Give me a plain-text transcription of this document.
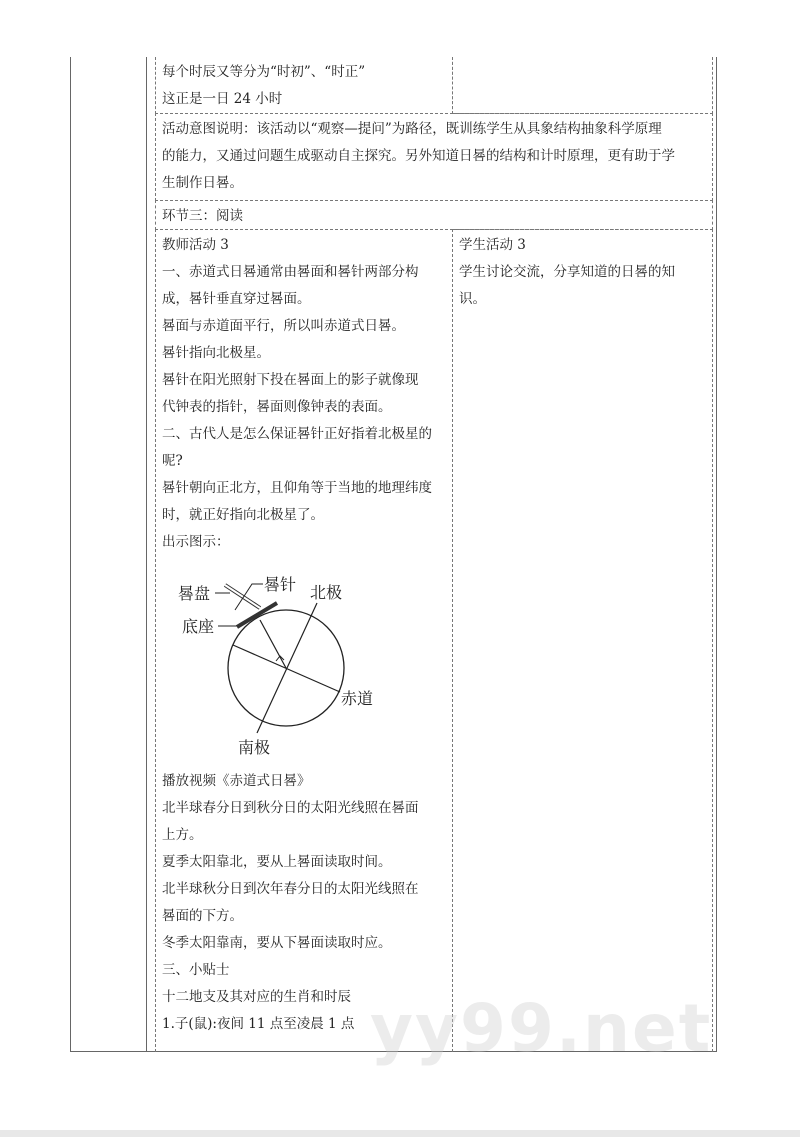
每个时辰又等分为“时初”、“时正”
这正是一日 24 小时
活动意图说明：该活动以“观察—提问”为路径，既训练学生从具象结构抽象科学原理
的能力，又通过问题生成驱动自主探究。另外知道日晷的结构和计时原理，更有助于学
生制作日晷。
环节三：阅读
教师活动 3
一、赤道式日晷通常由晷面和晷针两部分构
成，晷针垂直穿过晷面。
晷面与赤道面平行，所以叫赤道式日晷。
晷针指向北极星。
晷针在阳光照射下投在晷面上的影子就像现
代钟表的指针，晷面则像钟表的表面。
二、古代人是怎么保证晷针正好指着北极星的
呢?
晷针朝向正北方，且仰角等于当地的地理纬度
时，就正好指向北极星了。
出示图示：
晷盘	晷针
底座
北极
赤道
南极
播放视频《赤道式日晷》
北半球春分日到秋分日的太阳光线照在晷面
上方。
夏季太阳靠北，要从上晷面读取时间。
北半球秋分日到次年春分日的太阳光线照在
晷面的下方。
冬季太阳靠南，要从下晷面读取时应。
三、小贴士
十二地支及其对应的生肖和时辰
1.子(鼠):夜间 11 点至凌晨 1 点
学生活动 3
学生讨论交流，分享知道的日晷的知
识。
yy99.net
